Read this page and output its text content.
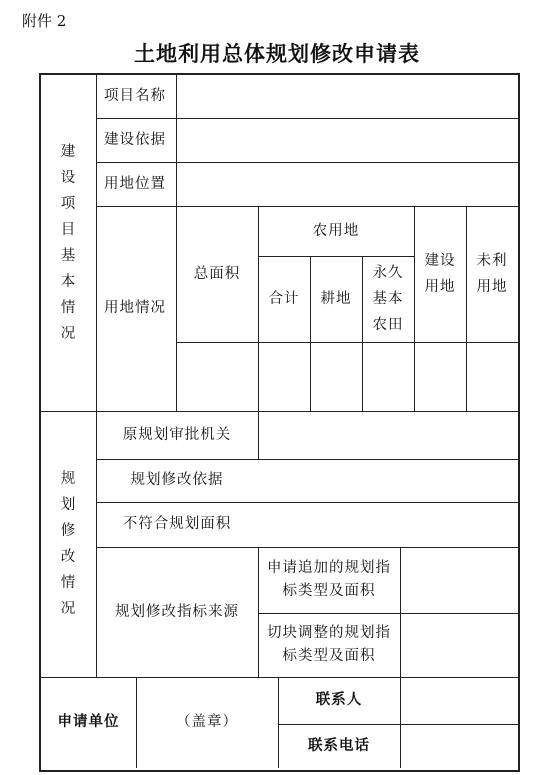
附件 2
土地利用总体规划修改申请表
建设项目基本情况
项目名称
建设依据
用地位置
用地情况
总面积
农用地
合计	耕地
永久基本农田
建设用地
未利用地
规划修改情况
原规划审批机关
规划修改依据
不符合规划面积
规划修改指标来源
申请追加的规划指标类型及面积
切块调整的规划指标类型及面积
申请单位	（盖章）
联系人
联系电话
